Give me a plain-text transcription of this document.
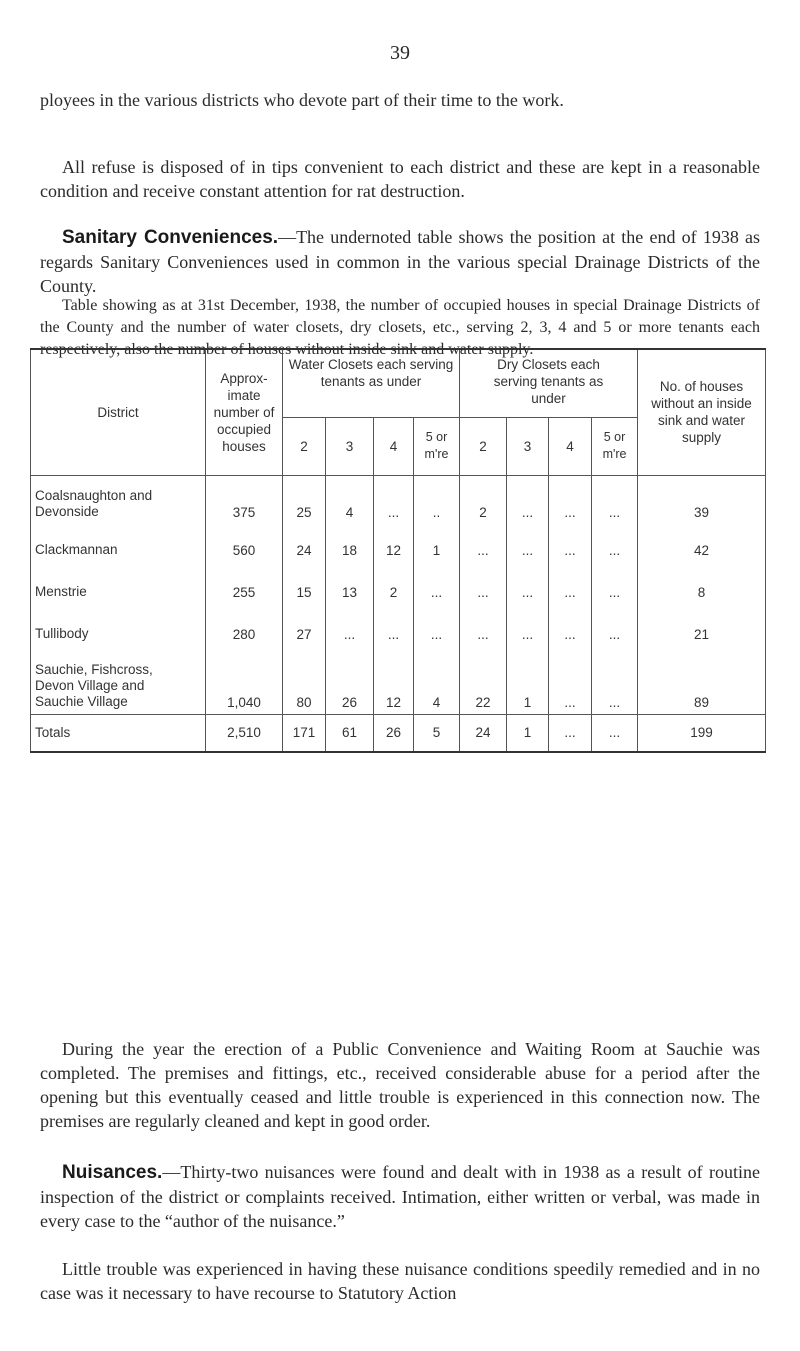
39

ployees in the various districts who devote part of their time to the work.

All refuse is disposed of in tips convenient to each district and these are kept in a reasonable condition and receive constant attention for rat destruction.

Sanitary Conveniences.—The undernoted table shows the position at the end of 1938 as regards Sanitary Conveniences used in common in the various special Drainage Districts of the County.

Table showing as at 31st December, 1938, the number of occupied houses in special Drainage Districts of the County and the number of water closets, dry closets, etc., serving 2, 3, 4 and 5 or more tenants each respectively, also the number of houses without inside sink and water supply.

District	Approx-imate number of occupied houses	Water Closets each serving tenants as under				Dry Closets each serving tenants as under				No. of houses without an inside sink and water supply
		2	3	4	5 or m're	2	3	4	5 or m're	
Coalsnaughton and Devonside	375	25	4	...	..	2	...	...	...	39
Clackmannan	560	24	18	12	1	...	...	...	...	42
Menstrie	255	15	13	2	...	...	...	...	...	8
Tullibody	280	27	...	...	...	...	...	...	...	21
Sauchie, Fishcross, Devon Village and Sauchie Village	1,040	80	26	12	4	22	1	...	...	89
Totals	2,510	171	61	26	5	24	1	...	...	199

During the year the erection of a Public Convenience and Waiting Room at Sauchie was completed. The premises and fittings, etc., received considerable abuse for a period after the opening but this eventually ceased and little trouble is experienced in this connection now. The premises are regularly cleaned and kept in good order.

Nuisances.—Thirty-two nuisances were found and dealt with in 1938 as a result of routine inspection of the district or complaints received. Intimation, either written or verbal, was made in every case to the “author of the nuisance.”

Little trouble was experienced in having these nuisance conditions speedily remedied and in no case was it necessary to have recourse to Statutory Action
